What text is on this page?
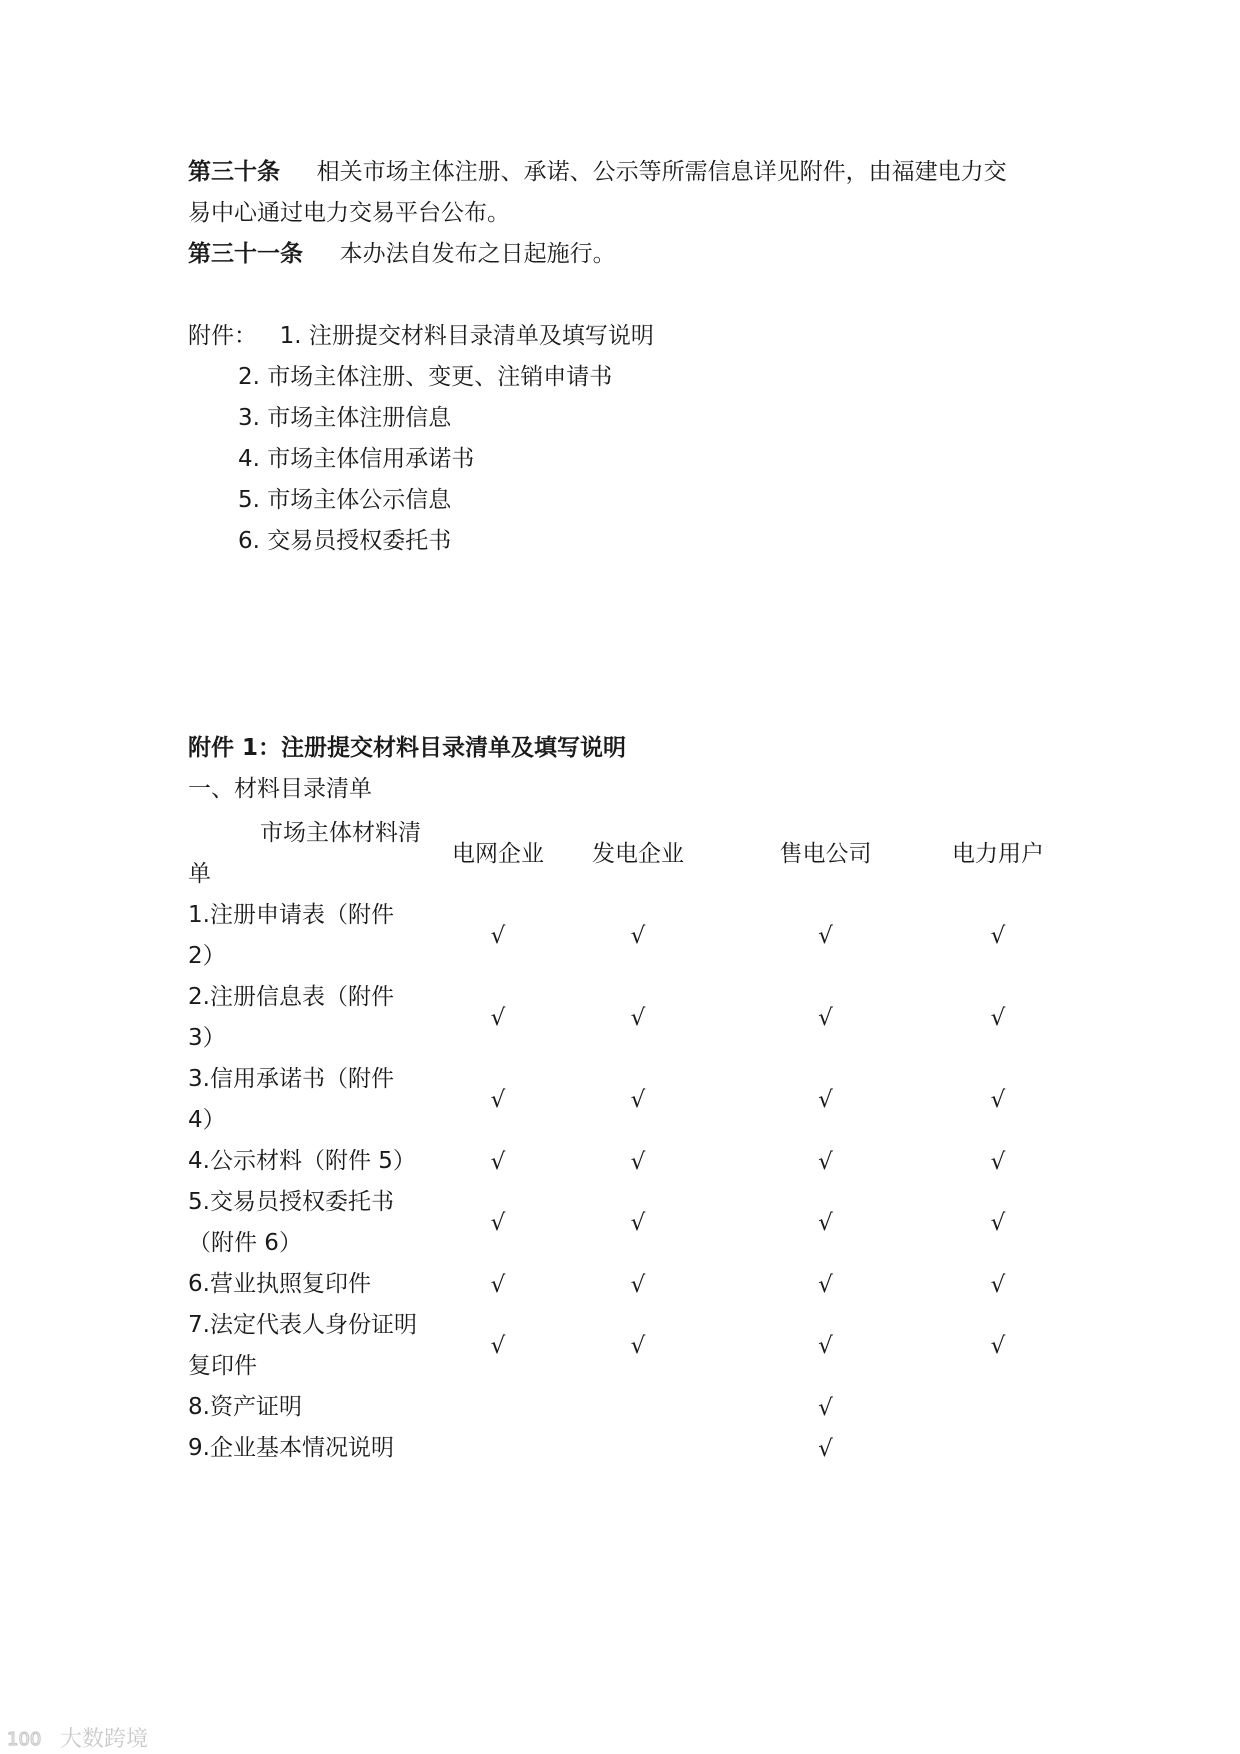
第三十条 相关市场主体注册、承诺、公示等所需信息详见附件，由福建电力交
易中心通过电力交易平台公布。
第三十一条 本办法自发布之日起施行。
附件： 1. 注册提交材料目录清单及填写说明
2. 市场主体注册、变更、注销申请书
3. 市场主体注册信息
4. 市场主体信用承诺书
5. 市场主体公示信息
6. 交易员授权委托书
附件 1：注册提交材料目录清单及填写说明
一、材料目录清单
市场主体材料清
单	电网企业	发电企业	售电公司	电力用户

1.注册申请表（附件
2）	√	√	√	√

2.注册信息表（附件
3）	√	√	√	√

3.信用承诺书（附件
4）	√	√	√	√

4.公示材料（附件 5）	√	√	√	√

5.交易员授权委托书
（附件 6）	√	√	√	√

6.营业执照复印件	√	√	√	√

7.法定代表人身份证明
复印件	√	√	√	√

8.资产证明			√	

9.企业基本情况说明			√	
100 大数跨境
